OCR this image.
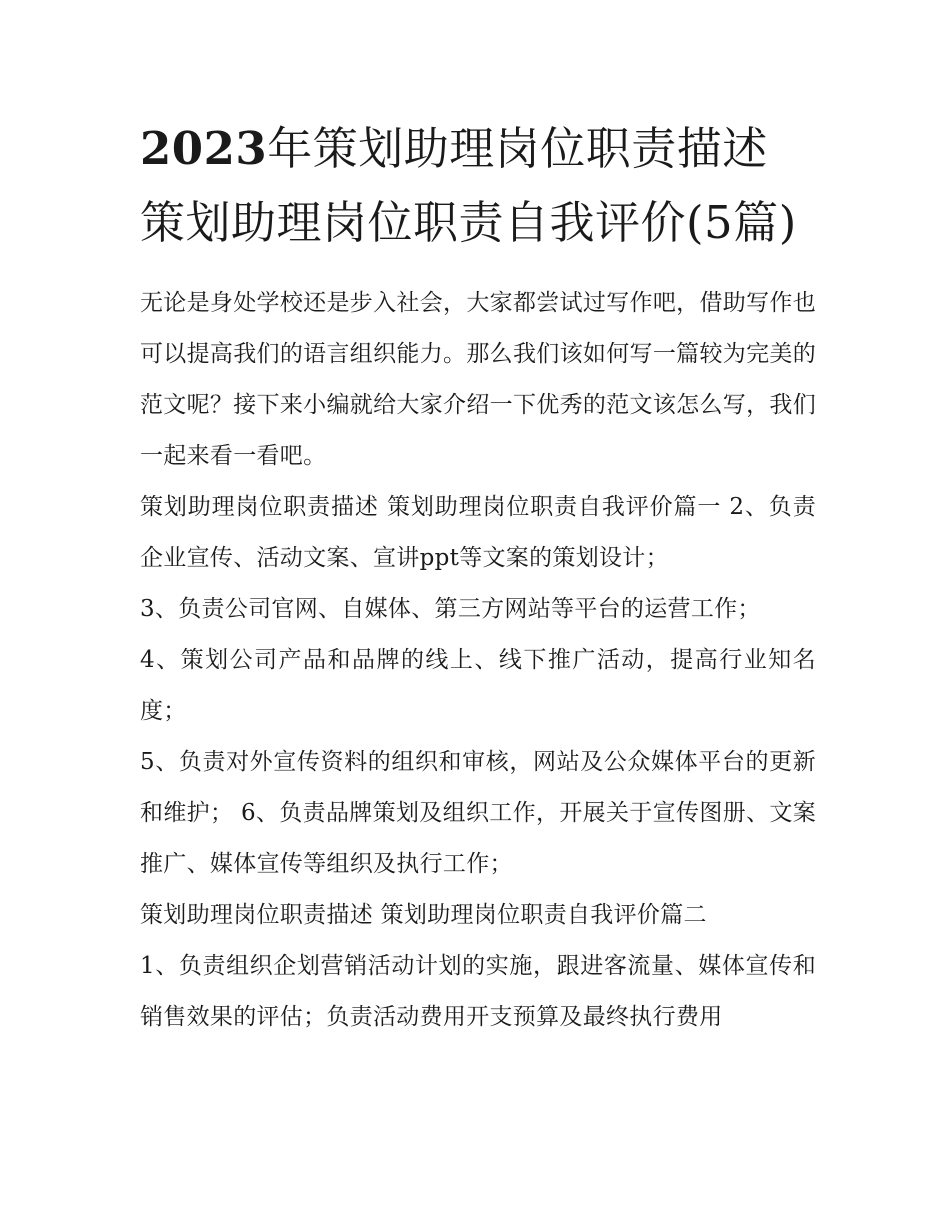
2023年策划助理岗位职责描述 策划助理岗位职责自我评价(5篇)

无论是身处学校还是步入社会，大家都尝试过写作吧，借助写作也可以提高我们的语言组织能力。那么我们该如何写一篇较为完美的范文呢？接下来小编就给大家介绍一下优秀的范文该怎么写，我们一起来看一看吧。

策划助理岗位职责描述 策划助理岗位职责自我评价篇一 2、负责企业宣传、活动文案、宣讲ppt等文案的策划设计；

3、负责公司官网、自媒体、第三方网站等平台的运营工作；

4、策划公司产品和品牌的线上、线下推广活动，提高行业知名度；

5、负责对外宣传资料的组织和审核，网站及公众媒体平台的更新和维护； 6、负责品牌策划及组织工作，开展关于宣传图册、文案推广、媒体宣传等组织及执行工作；

策划助理岗位职责描述 策划助理岗位职责自我评价篇二

1、负责组织企划营销活动计划的实施，跟进客流量、媒体宣传和销售效果的评估；负责活动费用开支预算及最终执行费用
